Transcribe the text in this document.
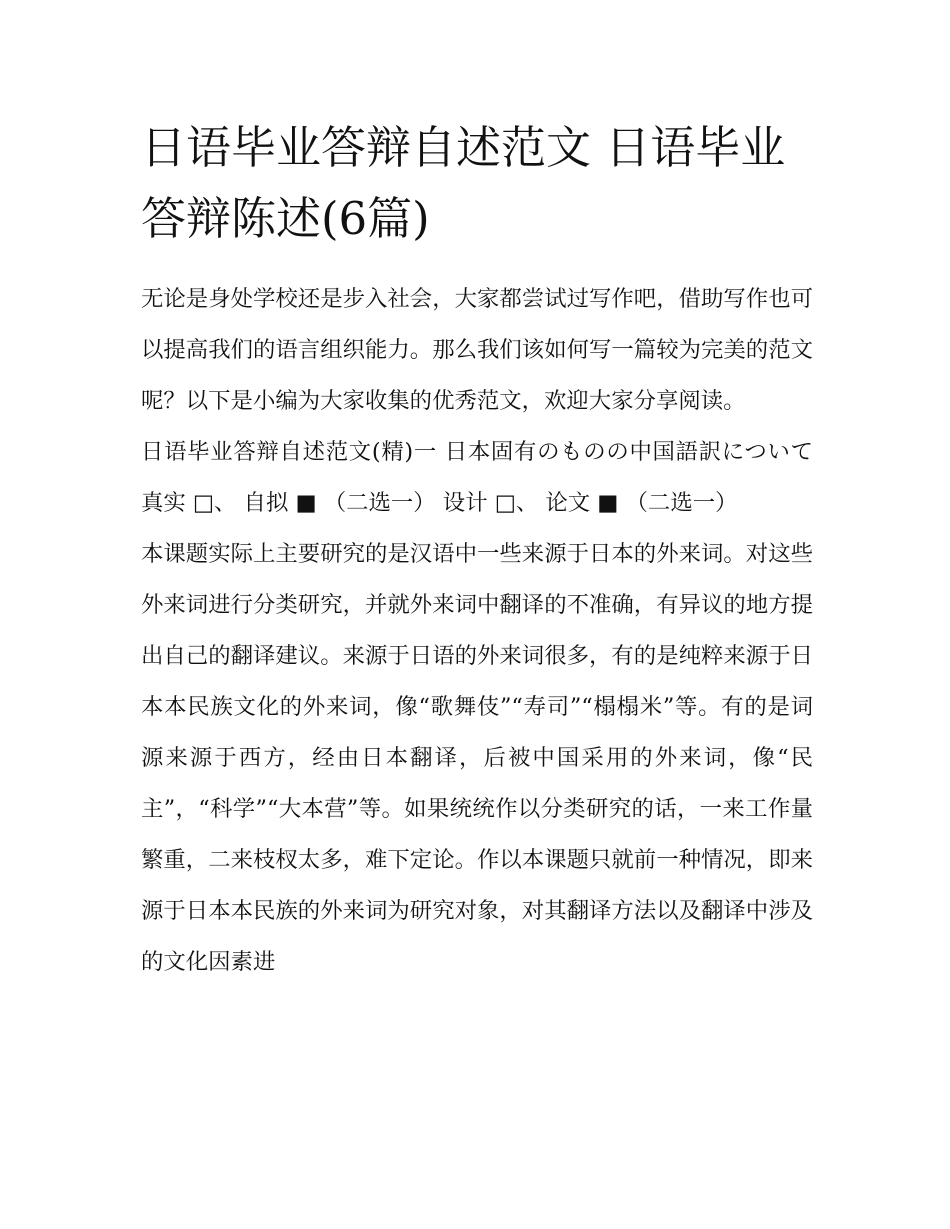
日语毕业答辩自述范文 日语毕业答辩陈述(6篇)

无论是身处学校还是步入社会，大家都尝试过写作吧，借助写作也可以提高我们的语言组织能力。那么我们该如何写一篇较为完美的范文呢？以下是小编为大家收集的优秀范文，欢迎大家分享阅读。

日语毕业答辩自述范文(精)一 日本固有のものの中国語訳について 真实 □、 自拟 ■ （二选一） 设计 □、 论文 ■ （二选一）

本课题实际上主要研究的是汉语中一些来源于日本的外来词。对这些外来词进行分类研究，并就外来词中翻译的不准确，有异议的地方提出自己的翻译建议。来源于日语的外来词很多，有的是纯粹来源于日本本民族文化的外来词，像“歌舞伎”“寿司”“榻榻米”等。有的是词源来源于西方，经由日本翻译，后被中国采用的外来词，像“民主”，“科学”“大本营”等。如果统统作以分类研究的话，一来工作量繁重，二来枝杈太多，难下定论。作以本课题只就前一种情况，即来源于日本本民族的外来词为研究对象，对其翻译方法以及翻译中涉及的文化因素进
